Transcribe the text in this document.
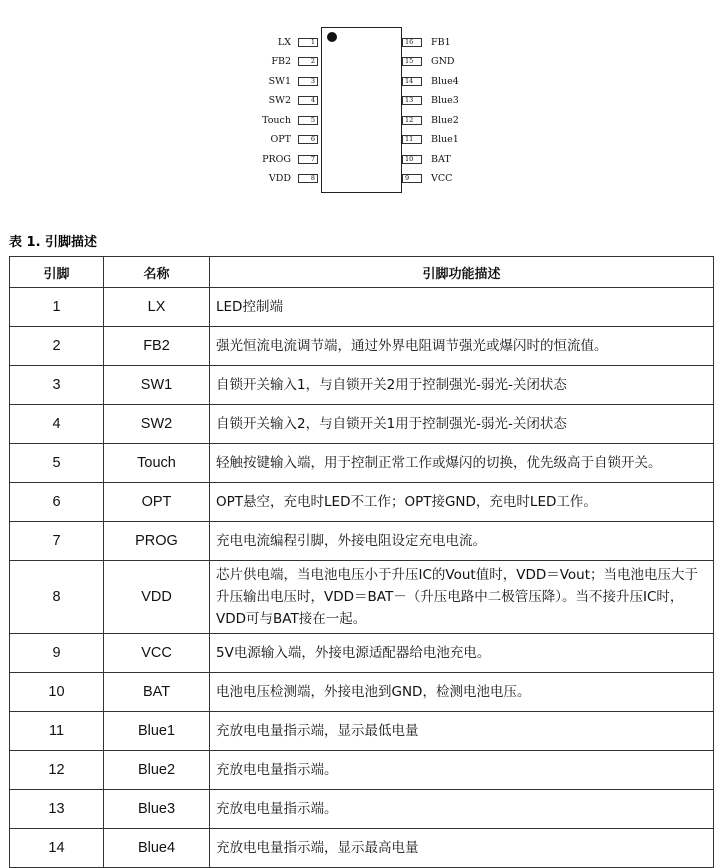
1
LX
2
FB2
3
SW1
4
SW2
5
Touch
6
OPT
7
PROG
8
VDD
16	FB1
15	GND
14	Blue4
13	Blue3
12	Blue2
11	Blue1
10	BAT
9	VCC
表 1. 引脚描述
引脚	名称	引脚功能描述
1	LX	LED控制端
2	FB2	强光恒流电流调节端，通过外界电阻调节强光或爆闪时的恒流值。
3	SW1	自锁开关输入1，与自锁开关2用于控制强光-弱光-关闭状态
4	SW2	自锁开关输入2，与自锁开关1用于控制强光-弱光-关闭状态
5	Touch	轻触按键输入端，用于控制正常工作或爆闪的切换，优先级高于自锁开关。
6	OPT	OPT悬空，充电时LED不工作；OPT接GND，充电时LED工作。
7	PROG	充电电流编程引脚，外接电阻设定充电电流。
8	VDD	芯片供电端，当电池电压小于升压IC的Vout值时，VDD＝Vout；当电池电压大于升压输出电压时，VDD＝BAT－（升压电路中二极管压降）。当不接升压IC时，VDD可与BAT接在一起。
9	VCC	5V电源输入端，外接电源适配器给电池充电。
10	BAT	电池电压检测端，外接电池到GND，检测电池电压。
11	Blue1	充放电电量指示端，显示最低电量
12	Blue2	充放电电量指示端。
13	Blue3	充放电电量指示端。
14	Blue4	充放电电量指示端，显示最高电量
